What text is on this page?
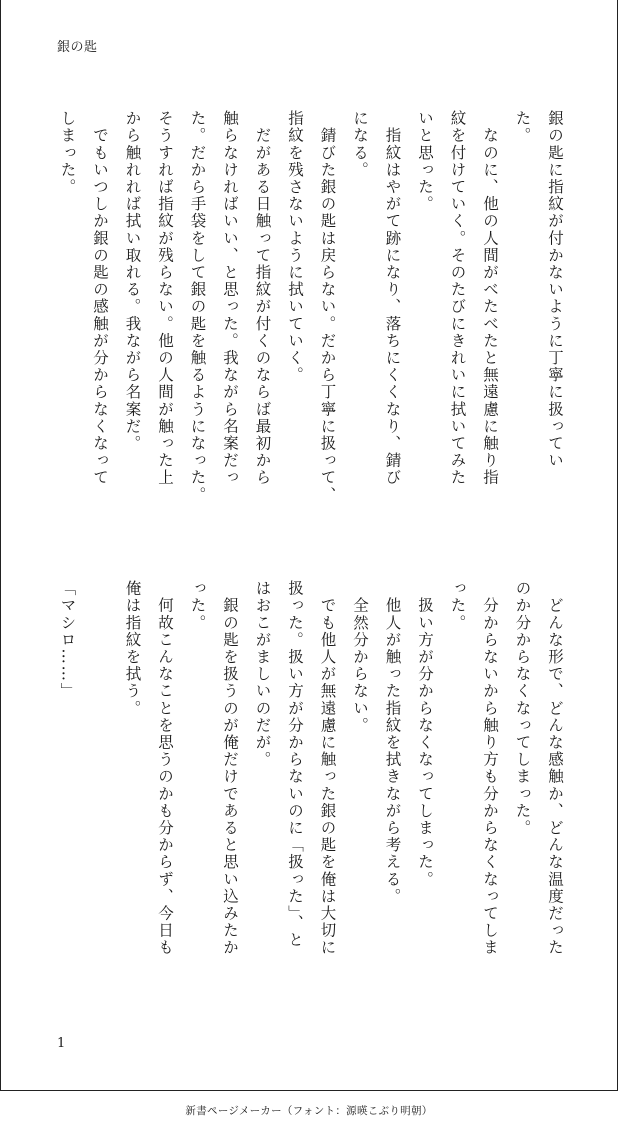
銀の匙
銀の匙に指紋が付かないように丁寧に扱ってい
た。
　なのに、他の人間がべたべたと無遠慮に触り指
紋を付けていく。そのたびにきれいに拭いてみた
いと思った。
　指紋はやがて跡になり、落ちにくくなり、錆び
になる。
　錆びた銀の匙は戻らない。だから丁寧に扱って、
指紋を残さないように拭いていく。
　だがある日触って指紋が付くのならば最初から
触らなければいい、と思った。我ながら名案だっ
た。だから手袋をして銀の匙を触るようになった。
そうすれば指紋が残らない。他の人間が触った上
から触れれば拭い取れる。我ながら名案だ。
　でもいつしか銀の匙の感触が分からなくなって
しまった。
　どんな形で、どんな感触か、どんな温度だった
のか分からなくなってしまった。
　分からないから触り方も分からなくなってしま
った。
　扱い方が分からなくなってしまった。
　他人が触った指紋を拭きながら考える。
　全然分からない。
　でも他人が無遠慮に触った銀の匙を俺は大切に
扱った。扱い方が分からないのに「扱った」、と
はおこがましいのだが。
　銀の匙を扱うのが俺だけであると思い込みたか
った。
　何故こんなことを思うのかも分からず、今日も
俺は指紋を拭う。
「マシロ……」
1
新書ページメーカー（フォント：源暎こぶり明朝）
